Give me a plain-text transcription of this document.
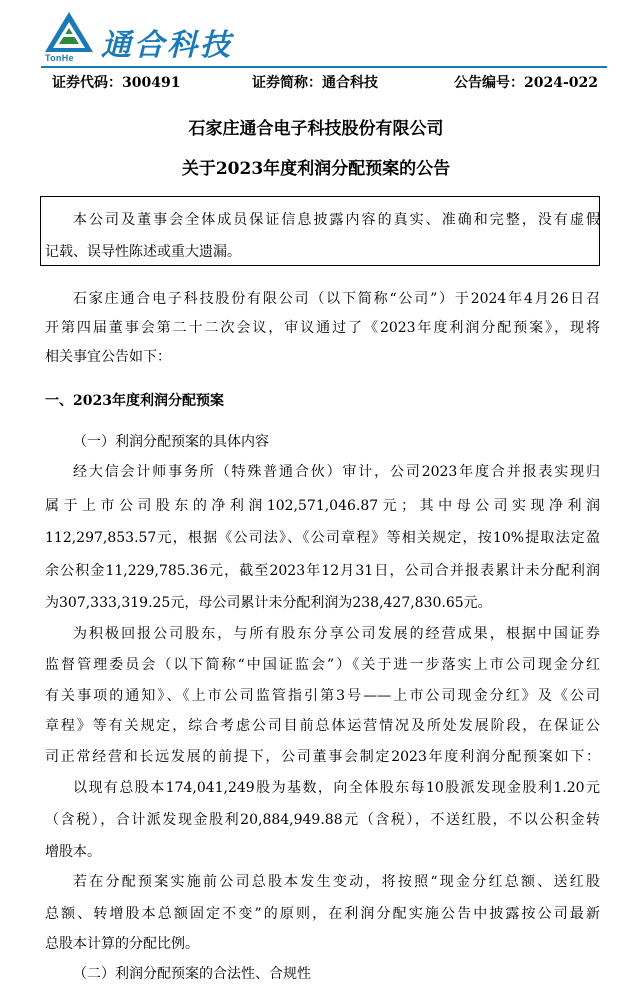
TonHe 通合科技
证券代码：300491	证券简称：通合科技	公告编号：2024-022
石家庄通合电子科技股份有限公司
关于2023年度利润分配预案的公告
本公司及董事会全体成员保证信息披露内容的真实、准确和完整，没有虚假
记载、误导性陈述或重大遗漏。
石家庄通合电子科技股份有限公司（以下简称“公司”）于2024年4月26日召
开第四届董事会第二十二次会议，审议通过了《2023年度利润分配预案》，现将
相关事宜公告如下：
一、2023年度利润分配预案
（一）利润分配预案的具体内容
经大信会计师事务所（特殊普通合伙）审计，公司2023年度合并报表实现归
属于上市公司股东的净利润102,571,046.87元；其中母公司实现净利润
112,297,853.57元，根据《公司法》、《公司章程》等相关规定，按10%提取法定盈
余公积金11,229,785.36元，截至2023年12月31日，公司合并报表累计未分配利润
为307,333,319.25元，母公司累计未分配利润为238,427,830.65元。
为积极回报公司股东，与所有股东分享公司发展的经营成果，根据中国证券
监督管理委员会（以下简称“中国证监会”）《关于进一步落实上市公司现金分红
有关事项的通知》、《上市公司监管指引第3号——上市公司现金分红》及《公司
章程》等有关规定，综合考虑公司目前总体运营情况及所处发展阶段，在保证公
司正常经营和长远发展的前提下，公司董事会制定2023年度利润分配预案如下：
以现有总股本174,041,249股为基数，向全体股东每10股派发现金股利1.20元
（含税），合计派发现金股利20,884,949.88元（含税），不送红股，不以公积金转
增股本。
若在分配预案实施前公司总股本发生变动，将按照“现金分红总额、送红股
总额、转增股本总额固定不变”的原则，在利润分配实施公告中披露按公司最新
总股本计算的分配比例。
（二）利润分配预案的合法性、合规性
